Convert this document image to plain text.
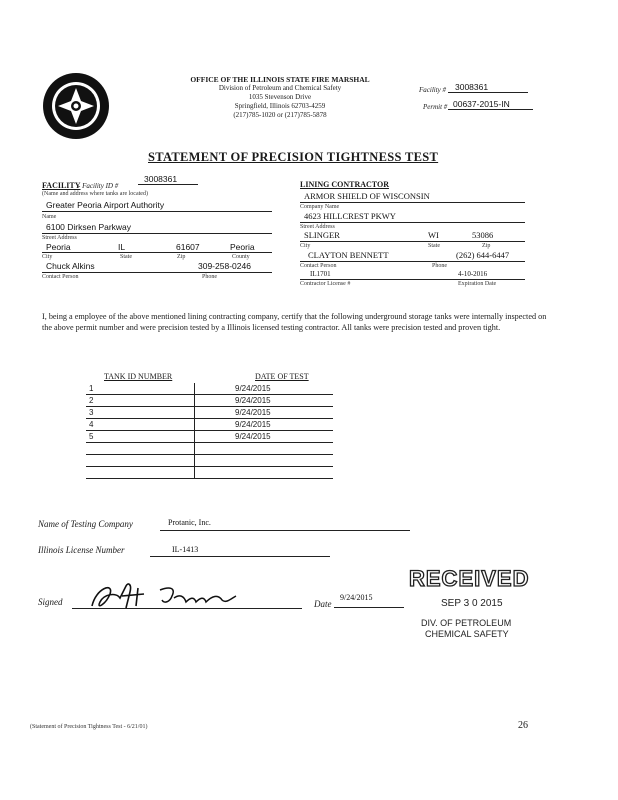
OFFICE OF THE ILLINOIS STATE FIRE MARSHAL
Division of Petroleum and Chemical Safety
1035 Stevenson Drive
Springfield, Illinois 62703-4259
(217)785-1020 or (217)785-5878
Facility # 3008361
Permit # 00637-2015-IN
STATEMENT OF PRECISION TIGHTNESS TEST
FACILITY
- Facility ID #
3008361
(Name and address where tanks are located)
Greater Peoria Airport Authority
Name
6100 Dirksen Parkway
Street Address
Peoria	IL	61607	Peoria
City	State	Zip	County
Chuck Alkins	309-258-0246
Contact Person	Phone
LINING CONTRACTOR
ARMOR SHIELD OF WISCONSIN
Company Name
4623 HILLCREST PKWY
Street Address
SLINGER	WI	53086
City	State	Zip
CLAYTON BENNETT	(262) 644-6447
Contact Person	Phone
IL1701	4-10-2016
Contractor License #	Expiration Date
I, being a employee of the above mentioned lining contracting company, certify that the following underground storage tanks were internally inspected on the above permit number and were precision tested by a Illinois licensed testing contractor. All tanks were precision tested and proven tight.
TANK ID NUMBER	DATE OF TEST
1	9/24/2015
2	9/24/2015
3	9/24/2015
4	9/24/2015
5	9/24/2015

Name of Testing Company	Protanic, Inc.
Illinois License Number	IL-1413
Signed	Date
9/24/2015
RECEIVED
SEP 3 0 2015
DIV. OF PETROLEUM
CHEMICAL SAFETY
(Statement of Precision Tightness Test - 6/21/01)	26
